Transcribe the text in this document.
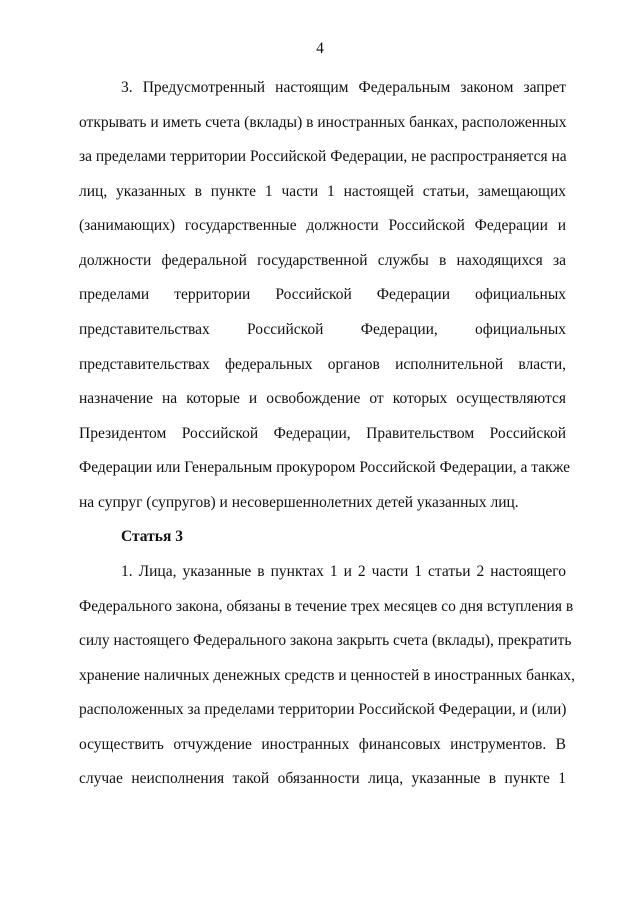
4
3. Предусмотренный настоящим Федеральным законом запрет
открывать и иметь счета (вклады) в иностранных банках, расположенных
за пределами территории Российской Федерации, не распространяется на
лиц, указанных в пункте 1 части 1 настоящей статьи, замещающих
(занимающих) государственные должности Российской Федерации и
должности федеральной государственной службы в находящихся за
пределами территории Российской Федерации официальных
представительствах Российской Федерации, официальных
представительствах федеральных органов исполнительной власти,
назначение на которые и освобождение от которых осуществляются
Президентом Российской Федерации, Правительством Российской
Федерации или Генеральным прокурором Российской Федерации, а также
на супруг (супругов) и несовершеннолетних детей указанных лиц.
Статья 3
1. Лица, указанные в пунктах 1 и 2 части 1 статьи 2 настоящего
Федерального закона, обязаны в течение трех месяцев со дня вступления в
силу настоящего Федерального закона закрыть счета (вклады), прекратить
хранение наличных денежных средств и ценностей в иностранных банках,
расположенных за пределами территории Российской Федерации, и (или)
осуществить отчуждение иностранных финансовых инструментов. В
случае неисполнения такой обязанности лица, указанные в пункте 1
